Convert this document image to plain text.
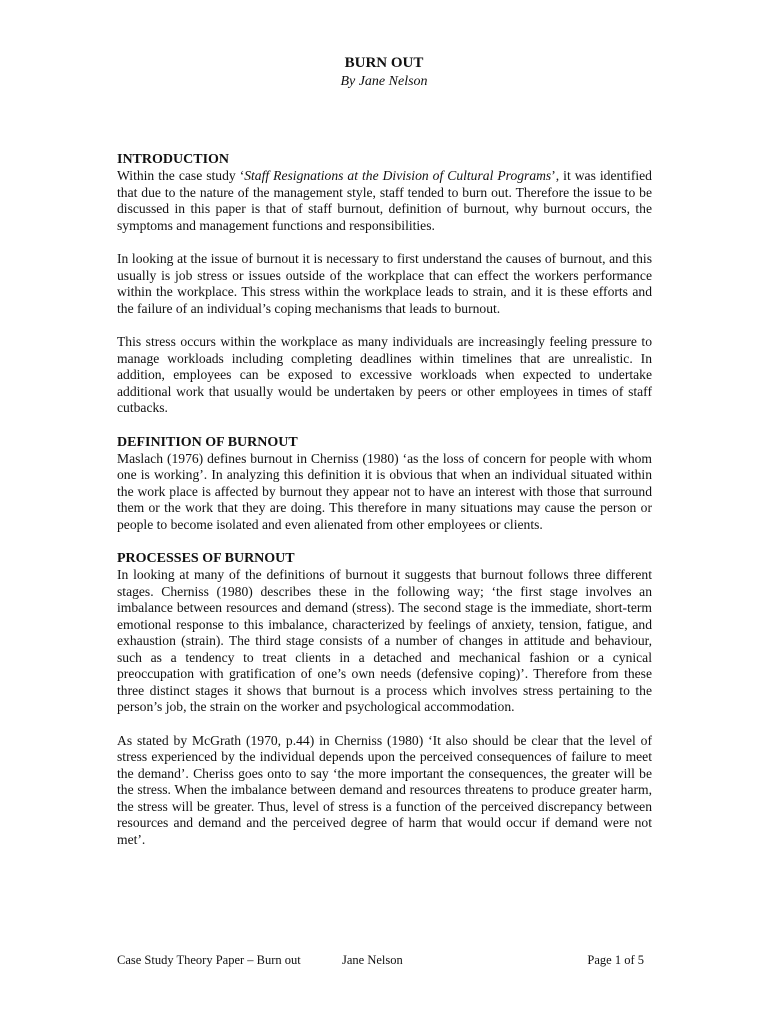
BURN OUT
By Jane Nelson
INTRODUCTION

Within the case study ‘Staff Resignations at the Division of Cultural Programs’, it was identified that due to the nature of the management style, staff tended to burn out. Therefore the issue to be discussed in this paper is that of staff burnout, definition of burnout, why burnout occurs, the symptoms and management functions and responsibilities.

In looking at the issue of burnout it is necessary to first understand the causes of burnout, and this usually is job stress or issues outside of the workplace that can effect the workers performance within the workplace. This stress within the workplace leads to strain, and it is these efforts and the failure of an individual’s coping mechanisms that leads to burnout.

This stress occurs within the workplace as many individuals are increasingly feeling pressure to manage workloads including completing deadlines within timelines that are unrealistic. In addition, employees can be exposed to excessive workloads when expected to undertake additional work that usually would be undertaken by peers or other employees in times of staff cutbacks.

DEFINITION OF BURNOUT

Maslach (1976) defines burnout in Cherniss (1980) ‘as the loss of concern for people with whom one is working’. In analyzing this definition it is obvious that when an individual situated within the work place is affected by burnout they appear not to have an interest with those that surround them or the work that they are doing. This therefore in many situations may cause the person or people to become isolated and even alienated from other employees or clients.

PROCESSES OF BURNOUT

In looking at many of the definitions of burnout it suggests that burnout follows three different stages. Cherniss (1980) describes these in the following way; ‘the first stage involves an imbalance between resources and demand (stress). The second stage is the immediate, short-term emotional response to this imbalance, characterized by feelings of anxiety, tension, fatigue, and exhaustion (strain). The third stage consists of a number of changes in attitude and behaviour, such as a tendency to treat clients in a detached and mechanical fashion or a cynical preoccupation with gratification of one’s own needs (defensive coping)’. Therefore from these three distinct stages it shows that burnout is a process which involves stress pertaining to the person’s job, the strain on the worker and psychological accommodation.

As stated by McGrath (1970, p.44) in Cherniss (1980) ‘It also should be clear that the level of stress experienced by the individual depends upon the perceived consequences of failure to meet the demand’. Cheriss goes onto to say ‘the more important the consequences, the greater will be the stress. When the imbalance between demand and resources threatens to produce greater harm, the stress will be greater. Thus, level of stress is a function of the perceived discrepancy between resources and demand and the perceived degree of harm that would occur if demand were not met’.

Case Study Theory Paper – Burn out	Jane Nelson	Page 1 of 5
